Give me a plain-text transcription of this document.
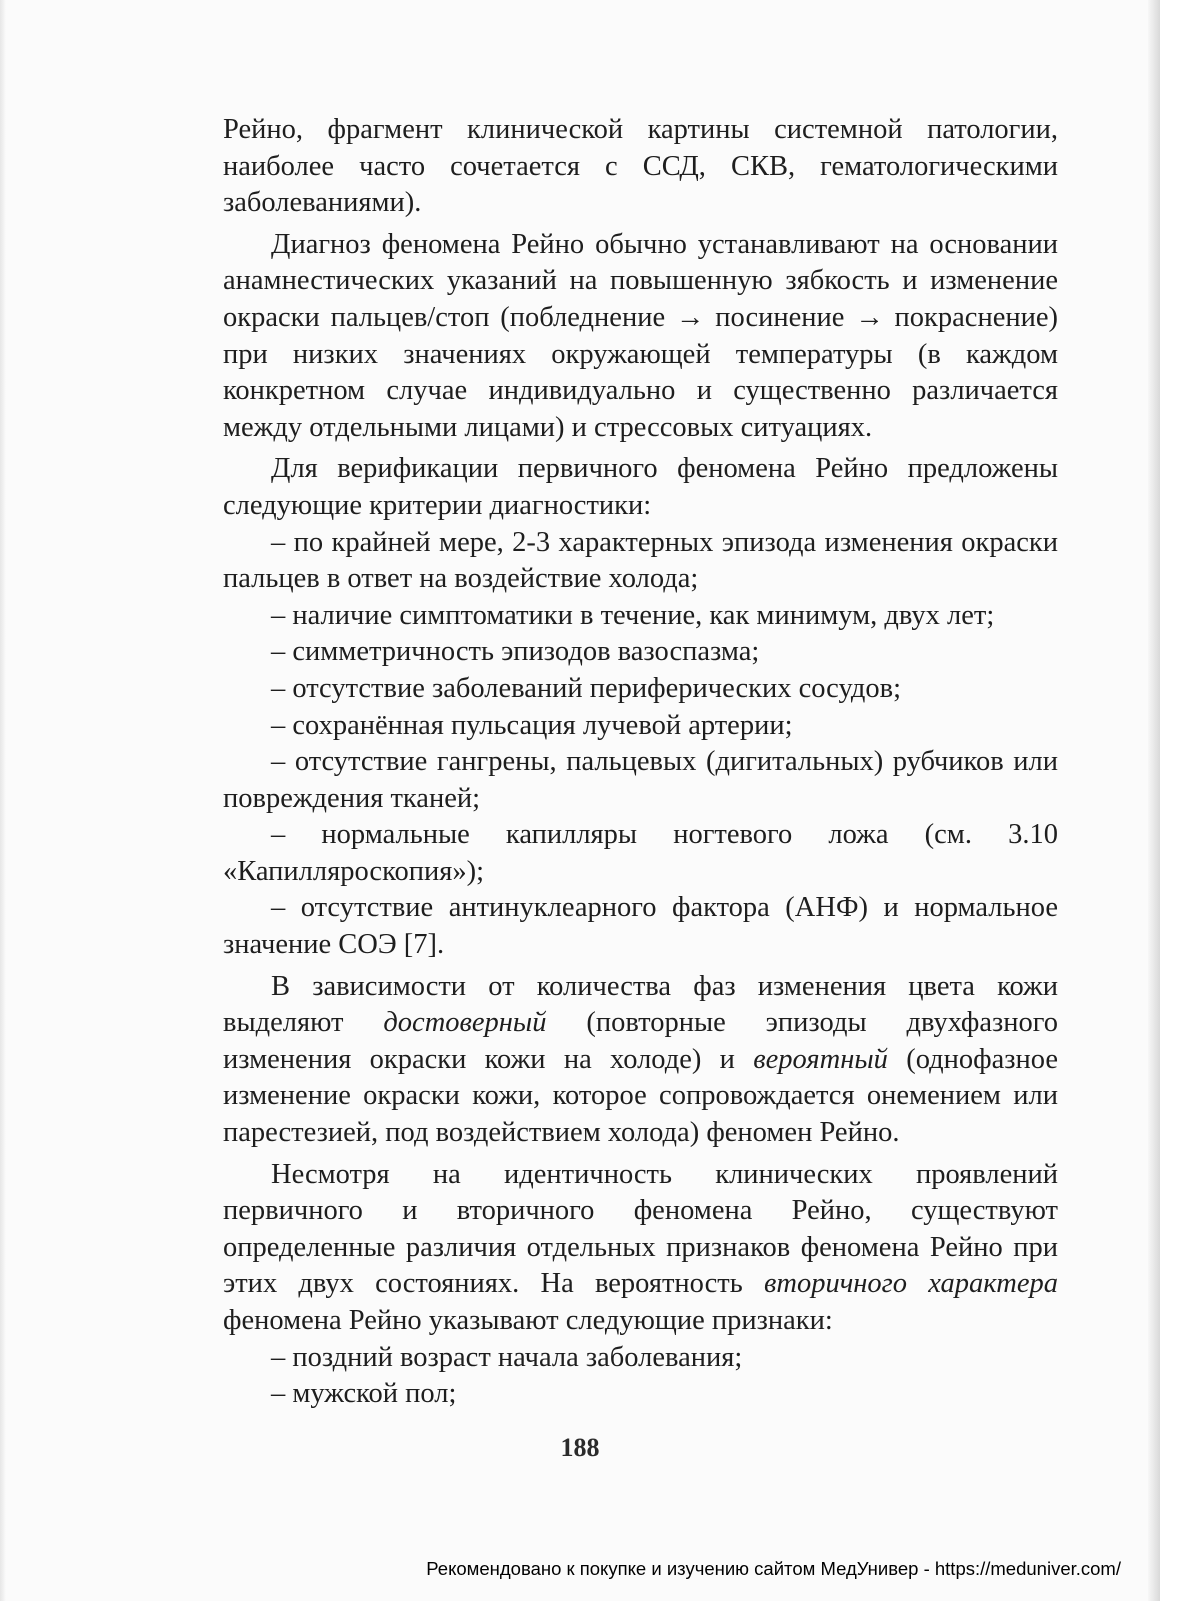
Рейно, фрагмент клинической картины системной патологии, наиболее часто сочетается с ССД, СКВ, гематологическими заболеваниями).

Диагноз феномена Рейно обычно устанавливают на основании анамнестических указаний на повышенную зябкость и изменение окраски пальцев/стоп (побледнение → посинение → покраснение) при низких значениях окружающей температуры (в каждом конкретном случае индивидуально и существенно различается между отдельными лицами) и стрессовых ситуациях.

Для верификации первичного феномена Рейно предложены следующие критерии диагностики:

– по крайней мере, 2-3 характерных эпизода изменения окраски пальцев в ответ на воздействие холода;

– наличие симптоматики в течение, как минимум, двух лет;

– симметричность эпизодов вазоспазма;

– отсутствие заболеваний периферических сосудов;

– сохранённая пульсация лучевой артерии;

– отсутствие гангрены, пальцевых (дигитальных) рубчиков или повреждения тканей;

– нормальные капилляры ногтевого ложа (см. 3.10 «Капилляроскопия»);

– отсутствие антинуклеарного фактора (АНФ) и нормальное значение СОЭ [7].

В зависимости от количества фаз изменения цвета кожи выделяют достоверный (повторные эпизоды двухфазного изменения окраски кожи на холоде) и вероятный (однофазное изменение окраски кожи, которое сопровождается онемением или парестезией, под воздействием холода) феномен Рейно.

Несмотря на идентичность клинических проявлений первичного и вторичного феномена Рейно, существуют определенные различия отдельных признаков феномена Рейно при этих двух состояниях. На вероятность вторичного характера феномена Рейно указывают следующие признаки:

– поздний возраст начала заболевания;

– мужской пол;

188
Рекомендовано к покупке и изучению сайтом МедУнивер - https://meduniver.com/
